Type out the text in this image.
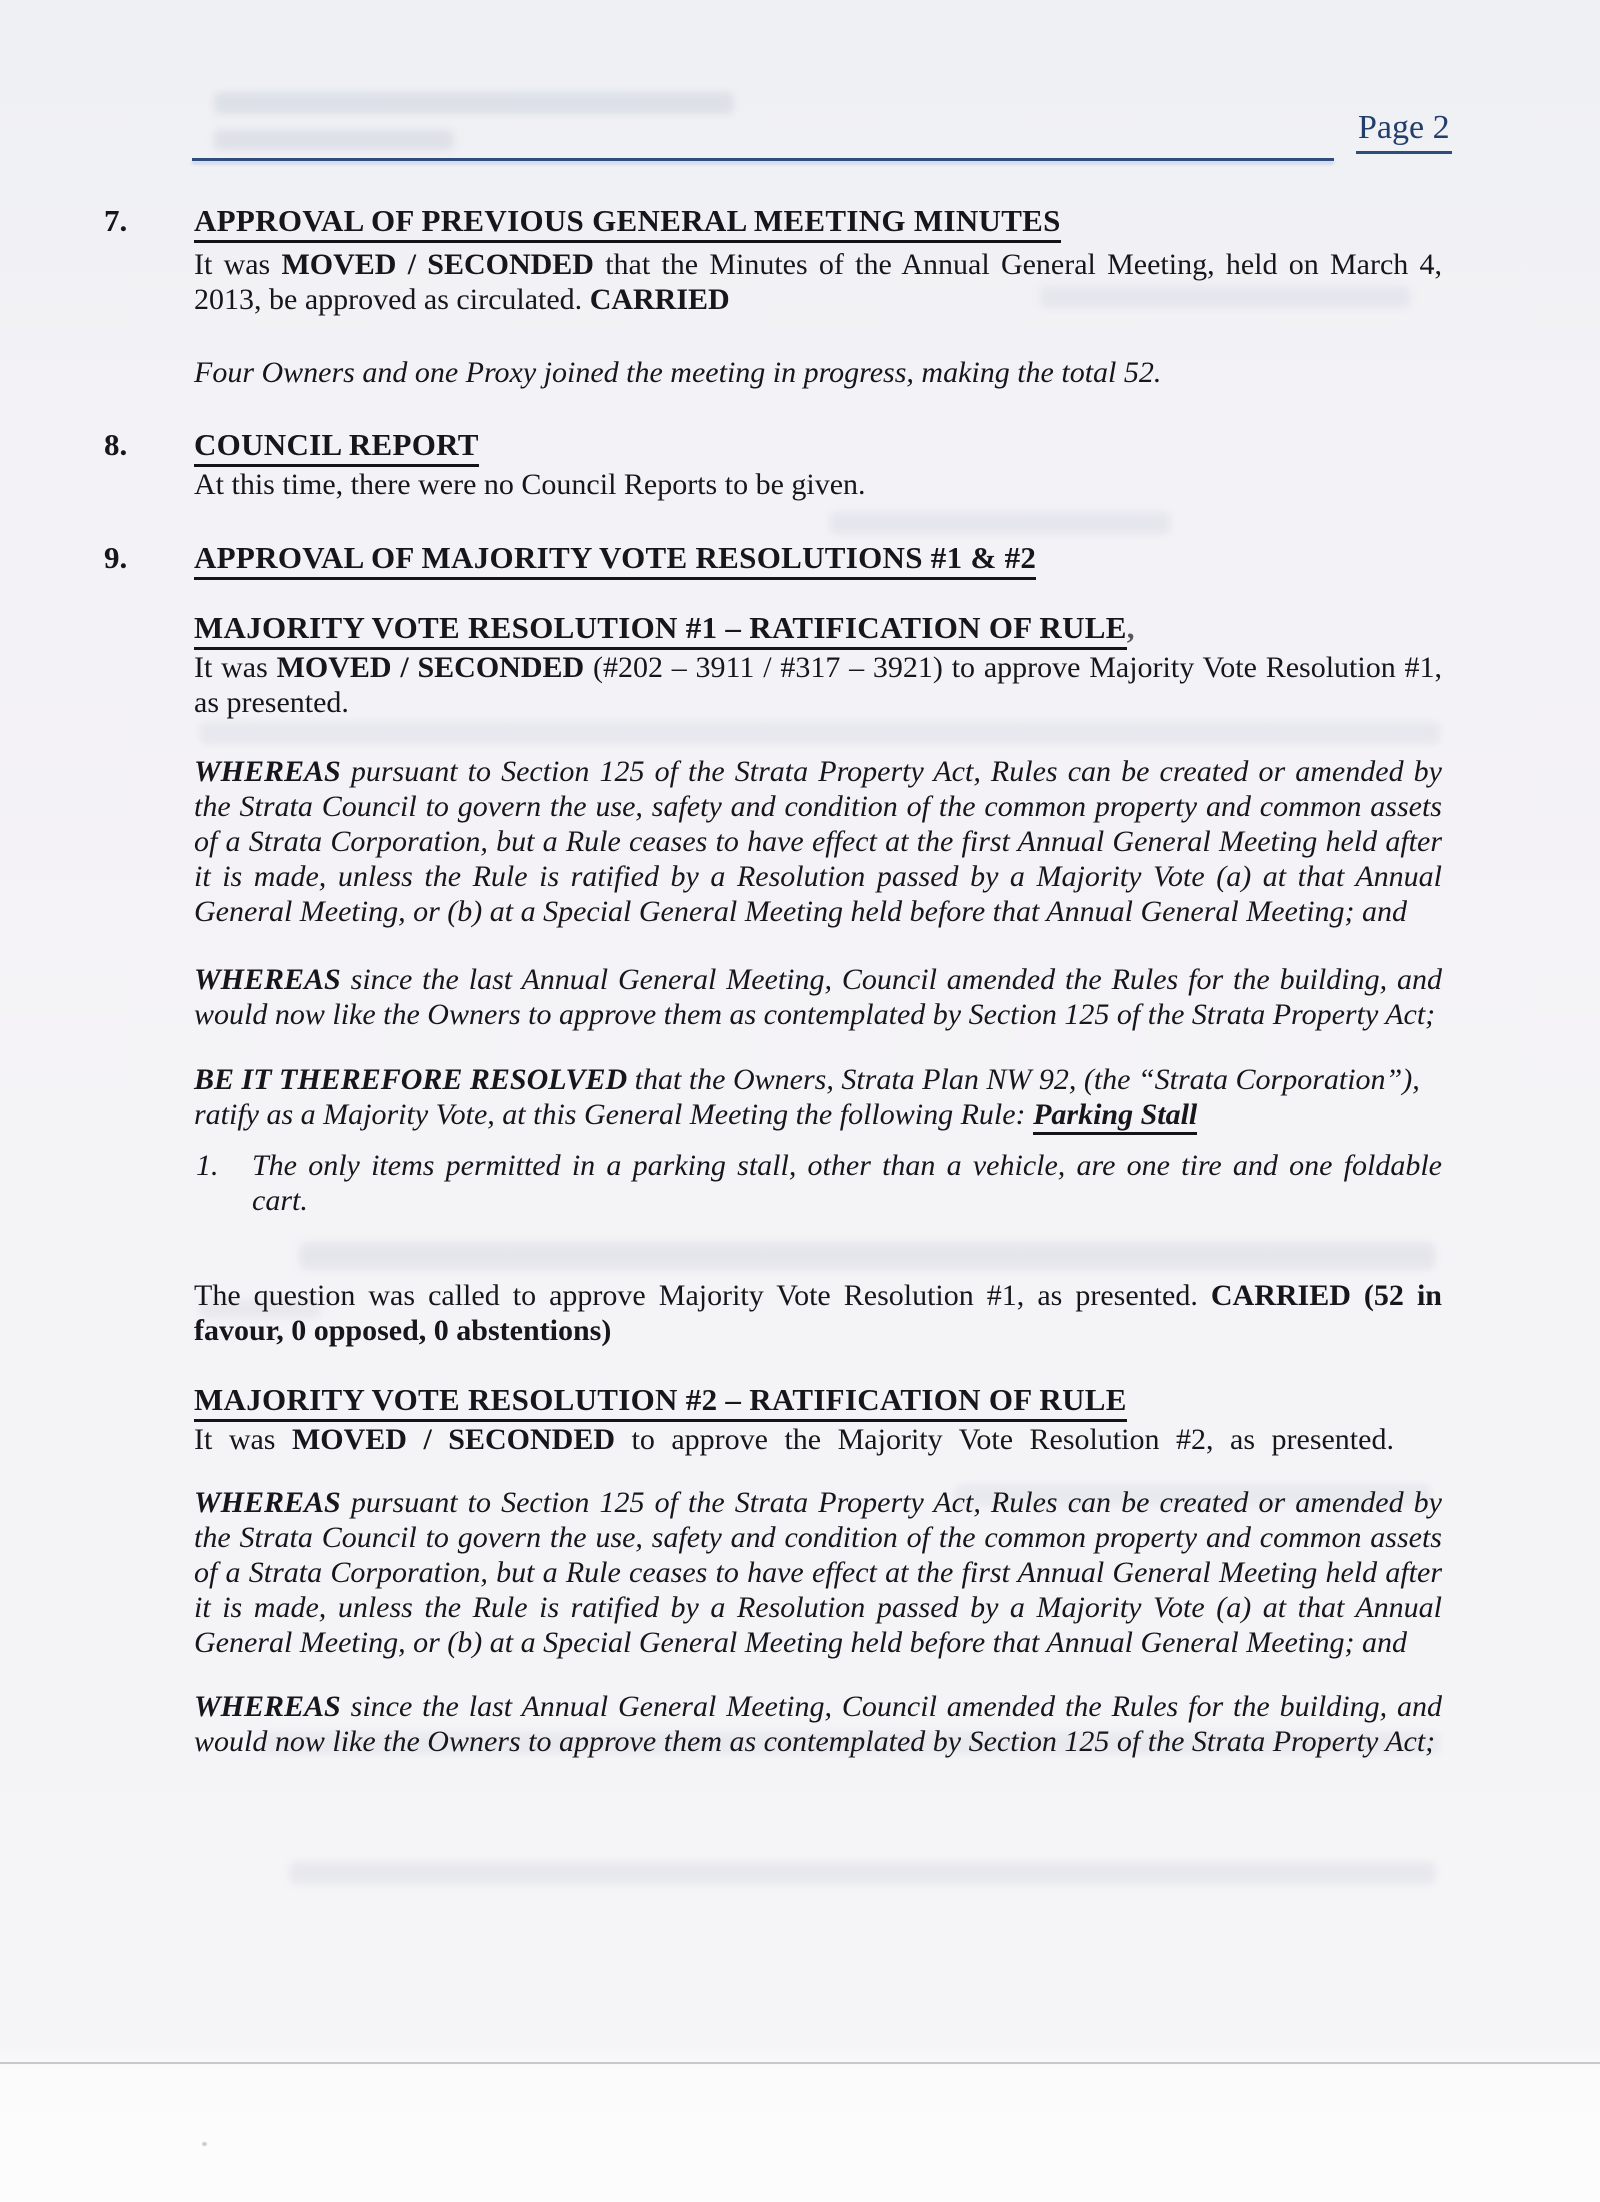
Page 2
7. APPROVAL OF PREVIOUS GENERAL MEETING MINUTES

It was MOVED / SECONDED that the Minutes of the Annual General Meeting, held on March 4, 2013, be approved as circulated. CARRIED

Four Owners and one Proxy joined the meeting in progress, making the total 52.

8. COUNCIL REPORT

At this time, there were no Council Reports to be given.

9. APPROVAL OF MAJORITY VOTE RESOLUTIONS #1 & #2
MAJORITY VOTE RESOLUTION #1 – RATIFICATION OF RULE,

It was MOVED / SECONDED (#202 – 3911 / #317 – 3921) to approve Majority Vote Resolution #1, as presented.

WHEREAS pursuant to Section 125 of the Strata Property Act, Rules can be created or amended by the Strata Council to govern the use, safety and condition of the common property and common assets of a Strata Corporation, but a Rule ceases to have effect at the first Annual General Meeting held after it is made, unless the Rule is ratified by a Resolution passed by a Majority Vote (a) at that Annual General Meeting, or (b) at a Special General Meeting held before that Annual General Meeting; and

WHEREAS since the last Annual General Meeting, Council amended the Rules for the building, and would now like the Owners to approve them as contemplated by Section 125 of the Strata Property Act;

BE IT THEREFORE RESOLVED that the Owners, Strata Plan NW 92, (the “Strata Corporation”), ratify as a Majority Vote, at this General Meeting the following Rule: Parking Stall

1. The only items permitted in a parking stall, other than a vehicle, are one tire and one foldable cart.

The question was called to approve Majority Vote Resolution #1, as presented. CARRIED (52 in favour, 0 opposed, 0 abstentions)

MAJORITY VOTE RESOLUTION #2 – RATIFICATION OF RULE

It was MOVED / SECONDED to approve the Majority Vote Resolution #2, as presented.

WHEREAS pursuant to Section 125 of the Strata Property Act, Rules can be created or amended by the Strata Council to govern the use, safety and condition of the common property and common assets of a Strata Corporation, but a Rule ceases to have effect at the first Annual General Meeting held after it is made, unless the Rule is ratified by a Resolution passed by a Majority Vote (a) at that Annual General Meeting, or (b) at a Special General Meeting held before that Annual General Meeting; and

WHEREAS since the last Annual General Meeting, Council amended the Rules for the building, and would now like the Owners to approve them as contemplated by Section 125 of the Strata Property Act;
